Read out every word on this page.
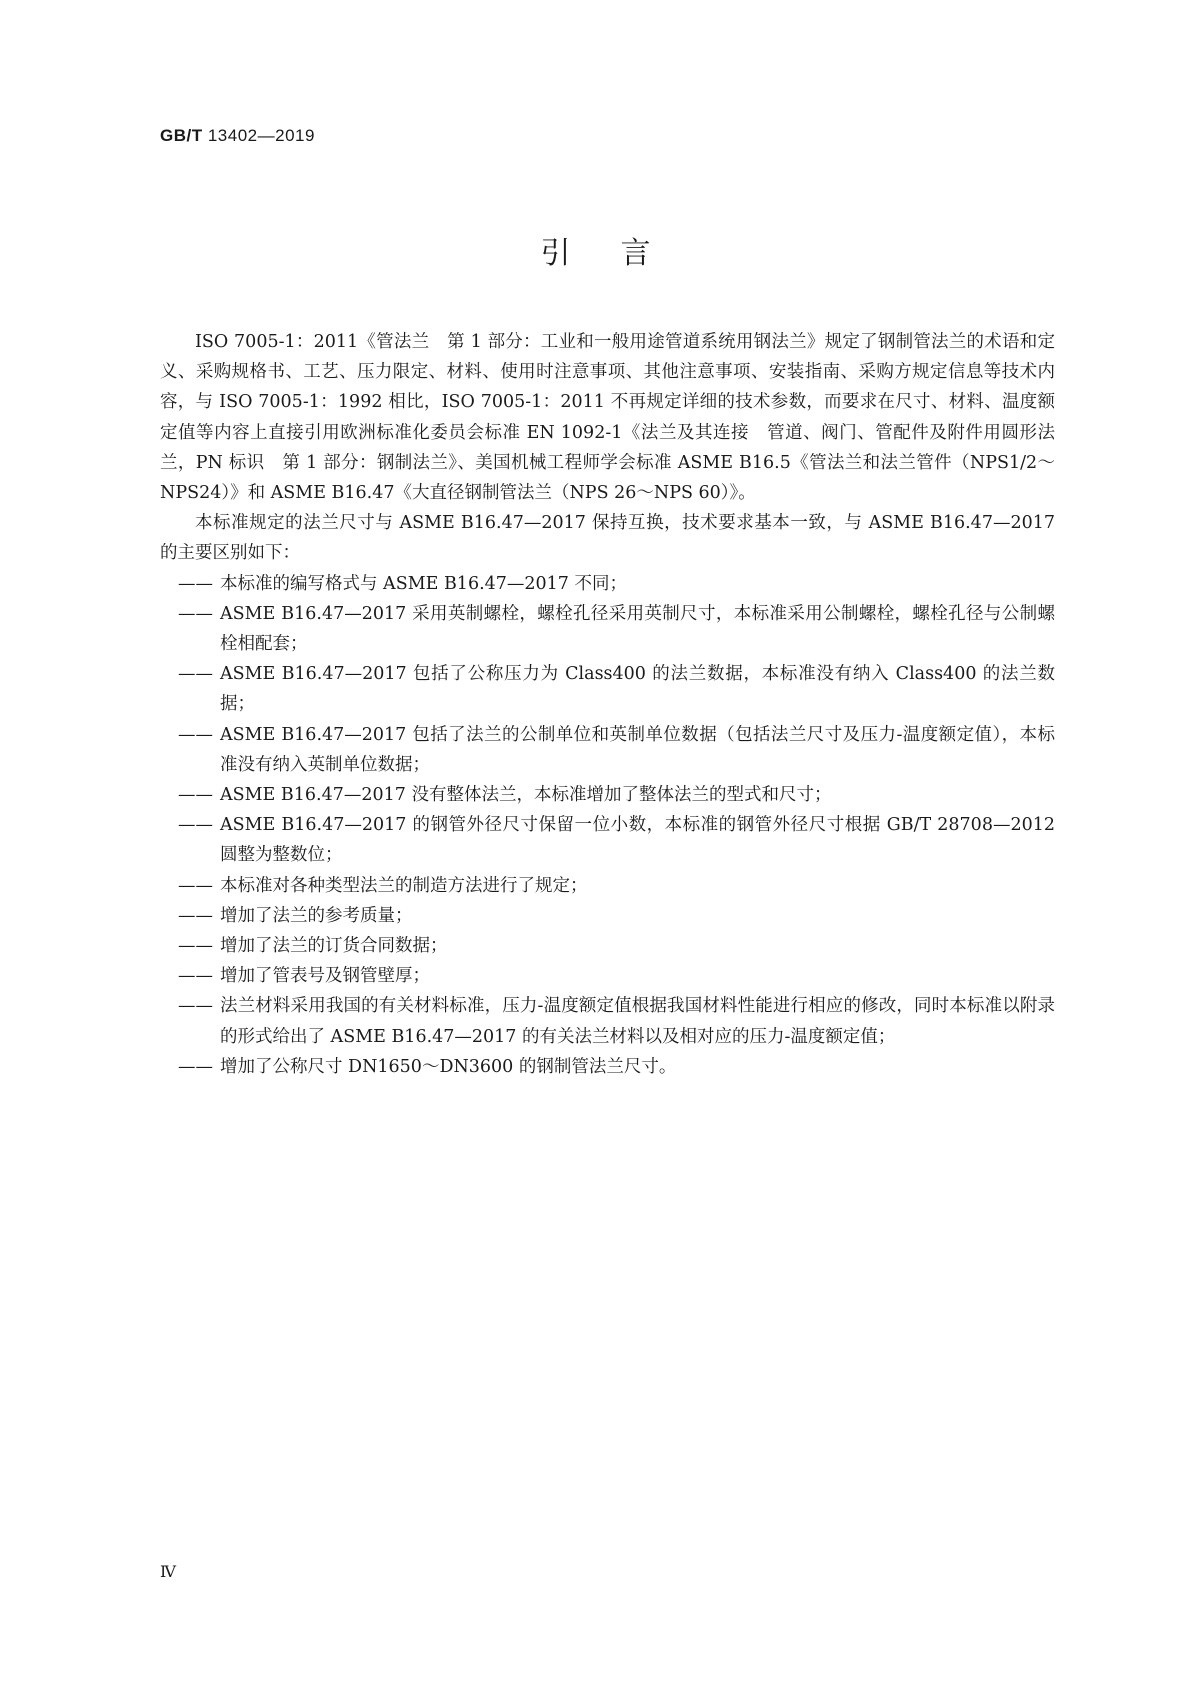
GB/T 13402—2019
引言

ISO 7005-1：2011《管法兰　第 1 部分：工业和一般用途管道系统用钢法兰》规定了钢制管法兰的术语和定义、采购规格书、工艺、压力限定、材料、使用时注意事项、其他注意事项、安装指南、采购方规定信息等技术内容，与 ISO 7005-1：1992 相比，ISO 7005-1：2011 不再规定详细的技术参数，而要求在尺寸、材料、温度额定值等内容上直接引用欧洲标准化委员会标准 EN 1092-1《法兰及其连接　管道、阀门、管配件及附件用圆形法兰，PN 标识　第 1 部分：钢制法兰》、美国机械工程师学会标准 ASME B16.5《管法兰和法兰管件（NPS1/2～NPS24）》和 ASME B16.47《大直径钢制管法兰（NPS 26～NPS 60）》。

本标准规定的法兰尺寸与 ASME B16.47—2017 保持互换，技术要求基本一致，与 ASME B16.47—2017 的主要区别如下：

—— 本标准的编写格式与 ASME B16.47—2017 不同；
—— ASME B16.47—2017 采用英制螺栓，螺栓孔径采用英制尺寸，本标准采用公制螺栓，螺栓孔径与公制螺栓相配套；
—— ASME B16.47—2017 包括了公称压力为 Class400 的法兰数据，本标准没有纳入 Class400 的法兰数据；
—— ASME B16.47—2017 包括了法兰的公制单位和英制单位数据（包括法兰尺寸及压力-温度额定值），本标准没有纳入英制单位数据；
—— ASME B16.47—2017 没有整体法兰，本标准增加了整体法兰的型式和尺寸；
—— ASME B16.47—2017 的钢管外径尺寸保留一位小数，本标准的钢管外径尺寸根据 GB/T 28708—2012 圆整为整数位；
—— 本标准对各种类型法兰的制造方法进行了规定；
—— 增加了法兰的参考质量；
—— 增加了法兰的订货合同数据；
—— 增加了管表号及钢管壁厚；
—— 法兰材料采用我国的有关材料标准，压力-温度额定值根据我国材料性能进行相应的修改，同时本标准以附录的形式给出了 ASME B16.47—2017 的有关法兰材料以及相对应的压力-温度额定值；
—— 增加了公称尺寸 DN1650～DN3600 的钢制管法兰尺寸。
Ⅳ
